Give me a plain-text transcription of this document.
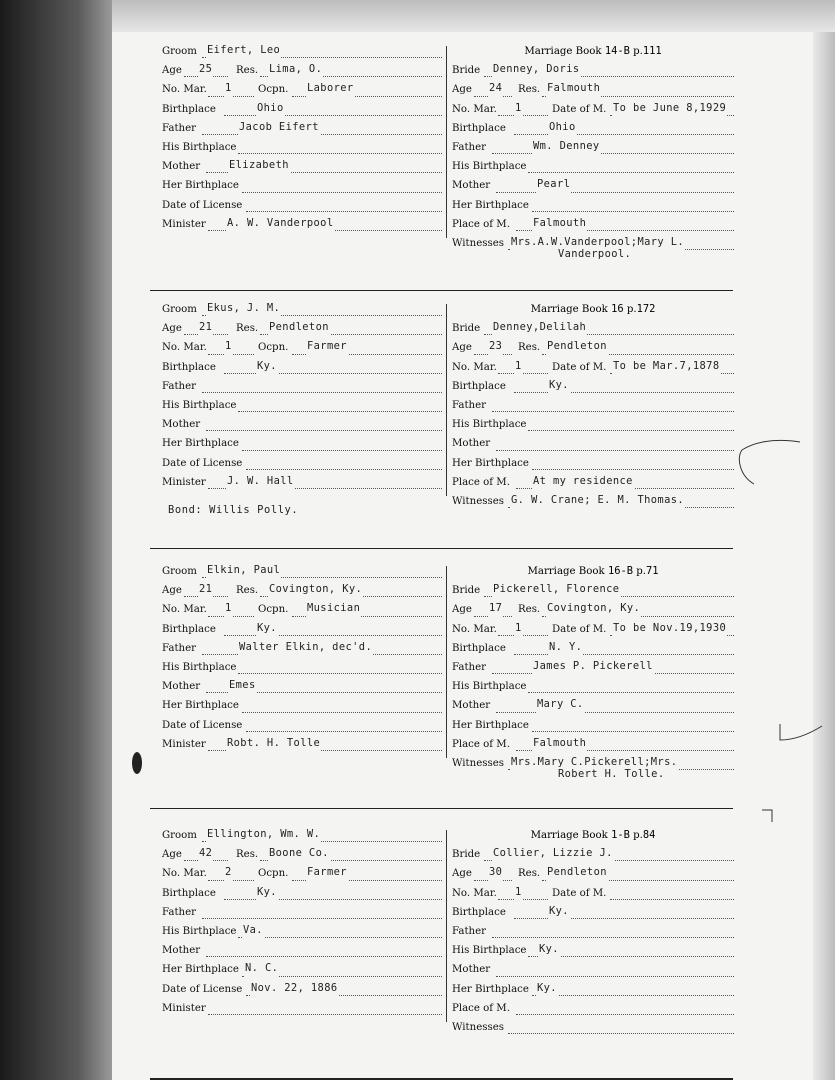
Groom Eifert, Leo
Age 25 Res. Lima, O.
No. Mar. 1	Ocpn. Laborer
Birthplace	Ohio
Father	Jacob Eifert
His Birthplace
Mother	Elizabeth
Her Birthplace
Date of License
Minister A. W. Vanderpool
Marriage Book 14-B p.111
Bride Denney, Doris
Age 24 Res. Falmouth
No. Mar. 1	Date of M. To be June 8,1929
Birthplace	Ohio
Father	Wm. Denney
His Birthplace
Mother	Pearl
Her Birthplace
Place of M. Falmouth
Witnesses Mrs.A.W.Vanderpool;Mary L.
Vanderpool.
Groom Ekus, J. M.
Age 21 Res. Pendleton
No. Mar. 1	Ocpn. Farmer
Birthplace	Ky.
Father
His Birthplace
Mother
Her Birthplace
Date of License
Minister J. W. Hall
Marriage Book 16 p.172
Bride Denney,Delilah
Age 23 Res. Pendleton
No. Mar. 1	Date of M. To be Mar.7,1878
Birthplace	Ky.
Father
His Birthplace
Mother
Her Birthplace
Place of M. At my residence
Witnesses G. W. Crane; E. M. Thomas.
Bond: Willis Polly.
Groom Elkin, Paul
Age 21 Res. Covington, Ky.
No. Mar. 1	Ocpn. Musician
Birthplace	Ky.
Father	Walter Elkin, dec'd.
His Birthplace
Mother	Emes
Her Birthplace
Date of License
Minister Robt. H. Tolle
Marriage Book 16-B p.71
Bride Pickerell, Florence
Age 17 Res. Covington, Ky.
No. Mar. 1	Date of M. To be Nov.19,1930
Birthplace	N. Y.
Father	James P. Pickerell
His Birthplace
Mother	Mary C.
Her Birthplace
Place of M. Falmouth
Witnesses Mrs.Mary C.Pickerell;Mrs.
Robert H. Tolle.
Groom Ellington, Wm. W.
Age 42 Res. Boone Co.
No. Mar. 2	Ocpn. Farmer
Birthplace	Ky.
Father
His Birthplace Va.
Mother
Her Birthplace N. C.
Date of License Nov. 22, 1886
Minister
Marriage Book 1-B p.84
Bride Collier, Lizzie J.
Age 30 Res. Pendleton
No. Mar. 1	Date of M.
Birthplace	Ky.
Father
His Birthplace Ky.
Mother
Her Birthplace Ky.
Place of M.
Witnesses
